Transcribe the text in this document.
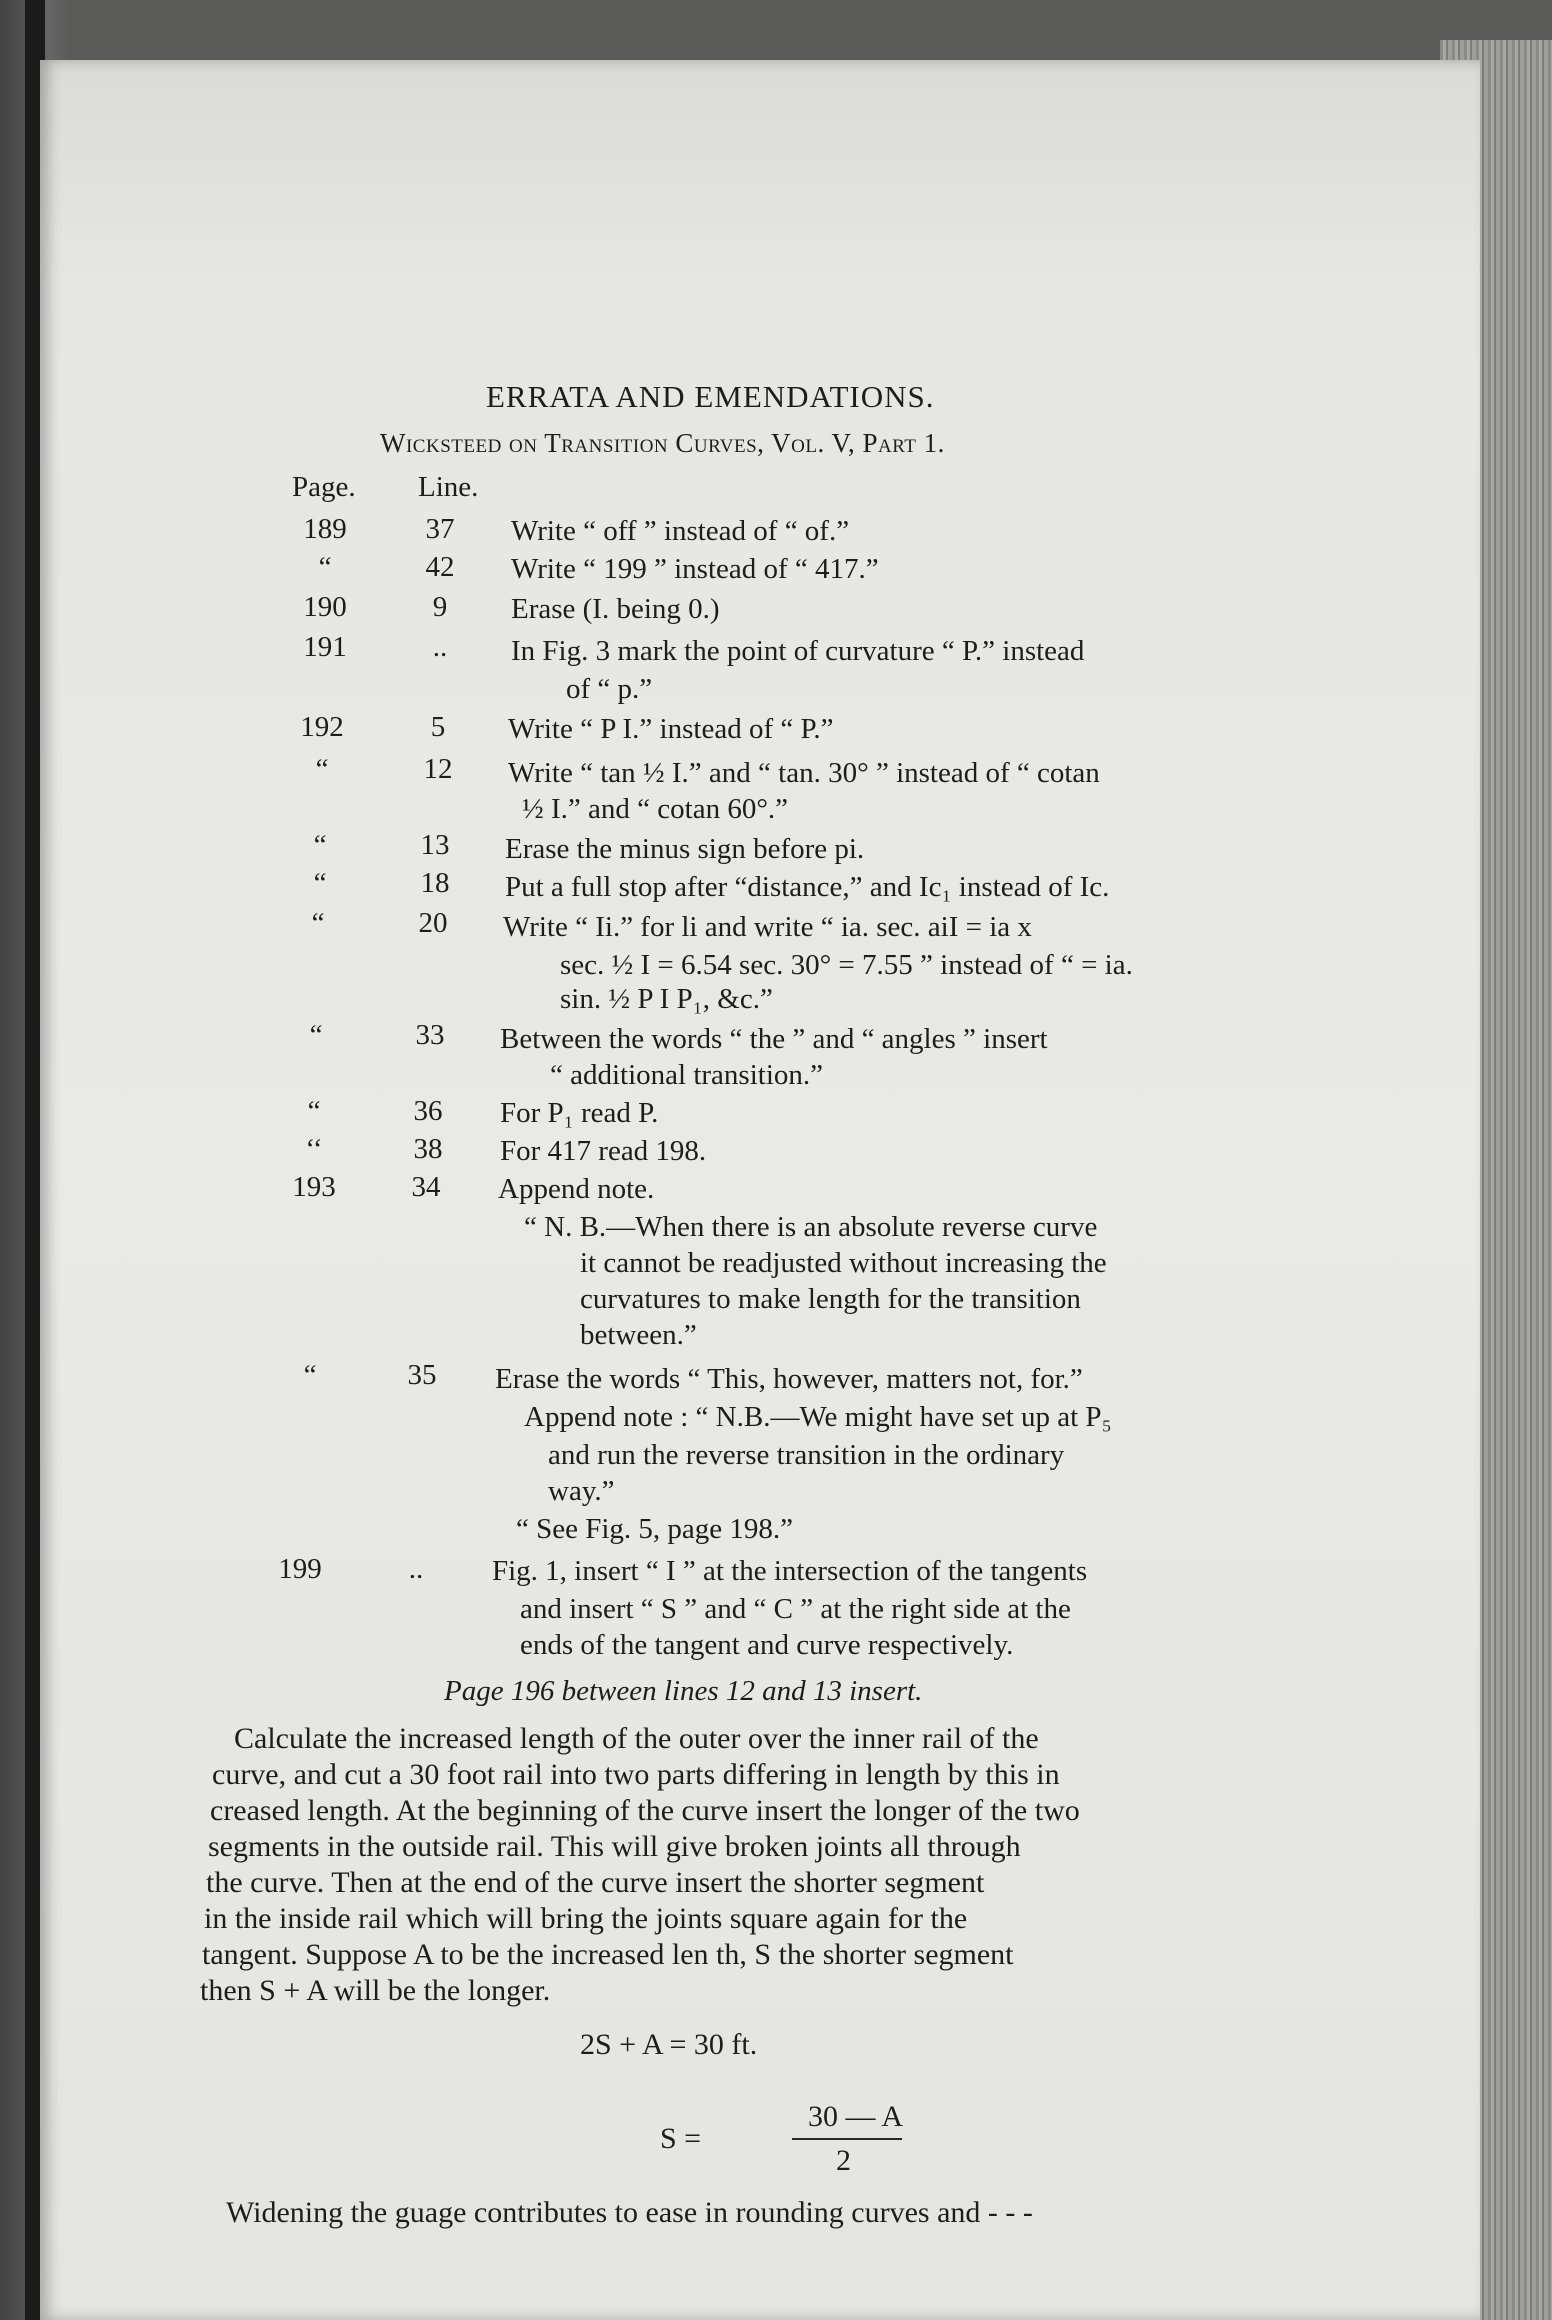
ERRATA AND EMENDATIONS.
Wicksteed on Transition Curves, Vol. V, Part 1.
Page. Line.
189	37	Write “ off ” instead of “ of.”
“	42	Write “ 199 ” instead of “ 417.”
190	9	Erase (I. being 0.)
191	..	In Fig. 3 mark the point of curvature “ P.” instead
of “ p.”
192	5	Write “ P I.” instead of “ P.”
“	12	Write “ tan ½ I.” and “ tan. 30° ” instead of “ cotan
½ I.” and “ cotan 60°.”
“	13	Erase the minus sign before pi.
“	18	Put a full stop after “distance,” and Ic₁ instead of Ic.
“	20	Write “ Ii.” for li and write “ ia. sec. aiI = ia x
sec. ½ I = 6.54 sec. 30° = 7.55 ” instead of “ = ia.
sin. ½ P I P₁, &c.”
“	33	Between the words “ the ” and “ angles ” insert
“ additional transition.”
“	36	For P₁ read P.
‘‘	38	For 417 read 198.
193	34	Append note.
“ N. B.—When there is an absolute reverse curve
it cannot be readjusted without increasing the
curvatures to make length for the transition
between.”
“	35	Erase the words “ This, however, matters not, for.”
Append note : “ N.B.—We might have set up at P₅
and run the reverse transition in the ordinary
way.”
“ See Fig. 5, page 198.”
199	..	Fig. 1, insert “ I ” at the intersection of the tangents
and insert “ S ” and “ C ” at the right side at the
ends of the tangent and curve respectively.
Page 196 between lines 12 and 13 insert.
Calculate the increased length of the outer over the inner rail of the
curve, and cut a 30 foot rail into two parts differing in length by this in
creased length. At the beginning of the curve insert the longer of the two
segments in the outside rail. This will give broken joints all through
the curve. Then at the end of the curve insert the shorter segment
in the inside rail which will bring the joints square again for the
tangent. Suppose A to be the increased len th, S the shorter segment
then S + A will be the longer.
2S + A = 30 ft.
S =
30 — A
2
Widening the guage contributes to ease in rounding curves and - - -
